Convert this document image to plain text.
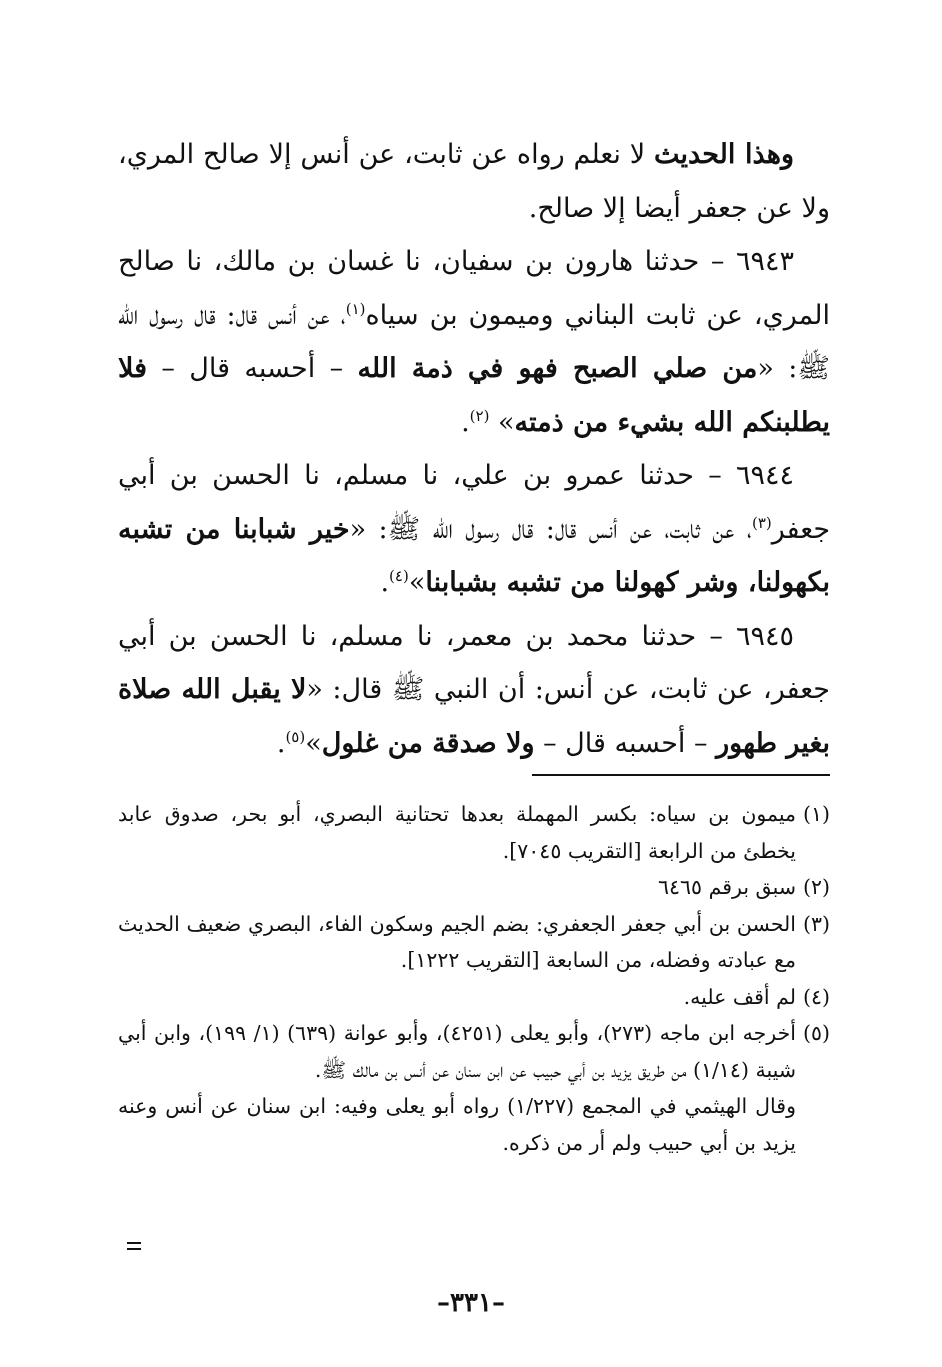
وهذا الحديث لا نعلم رواه عن ثابت، عن أنس إلا صالح المري، ولا عن جعفر أيضا إلا صالح.

٦٩٤٣ – حدثنا هارون بن سفيان، نا غسان بن مالك، نا صالح المري، عن ثابت البناني وميمون بن سياه$^{(١)}$، عن أنس قال: قال رسول الله ﷺ: «من صلي الصبح فهو في ذمة الله – أحسبه قال – فلا يطلبنكم الله بشيء من ذمته» $^{(٢)}$.

٦٩٤٤ – حدثنا عمرو بن علي، نا مسلم، نا الحسن بن أبي جعفر$^{(٣)}$، عن ثابت، عن أنس قال: قال رسول الله ﷺ: «خير شبابنا من تشبه بكهولنا، وشر كهولنا من تشبه بشبابنا»$^{(٤)}$.

٦٩٤٥ – حدثنا محمد بن معمر، نا مسلم، نا الحسن بن أبي جعفر، عن ثابت، عن أنس: أن النبي ﷺ قال: «لا يقبل الله صلاة بغير طهور – أحسبه قال – ولا صدقة من غلول»$^{(٥)}$.

(١)
ميمون بن سياه: بكسر المهملة بعدها تحتانية البصري، أبو بحر، صدوق عابد يخطئ من الرابعة [التقريب ٧٠٤٥].

(٢)
سبق برقم ٦٤٦٥

(٣)
الحسن بن أبي جعفر الجعفري: بضم الجيم وسكون الفاء، البصري ضعيف الحديث مع عبادته وفضله، من السابعة [التقريب ١٢٢٢].

(٤)
لم أقف عليه.

(٥)
أخرجه ابن ماجه (٢٧٣)، وأبو يعلى (٤٢٥١)، وأبو عوانة (٦٣٩) (١/ ١٩٩)، وابن أبي شيبة (١/١٤) من طريق يزيد بن أبي حبيب عن ابن سنان عن أنس بن مالك ﷺ.

وقال الهيثمي في المجمع (١/٢٢٧) رواه أبو يعلى وفيه: ابن سنان عن أنس وعنه يزيد بن أبي حبيب ولم أر من ذكره.

–٣٣١–
